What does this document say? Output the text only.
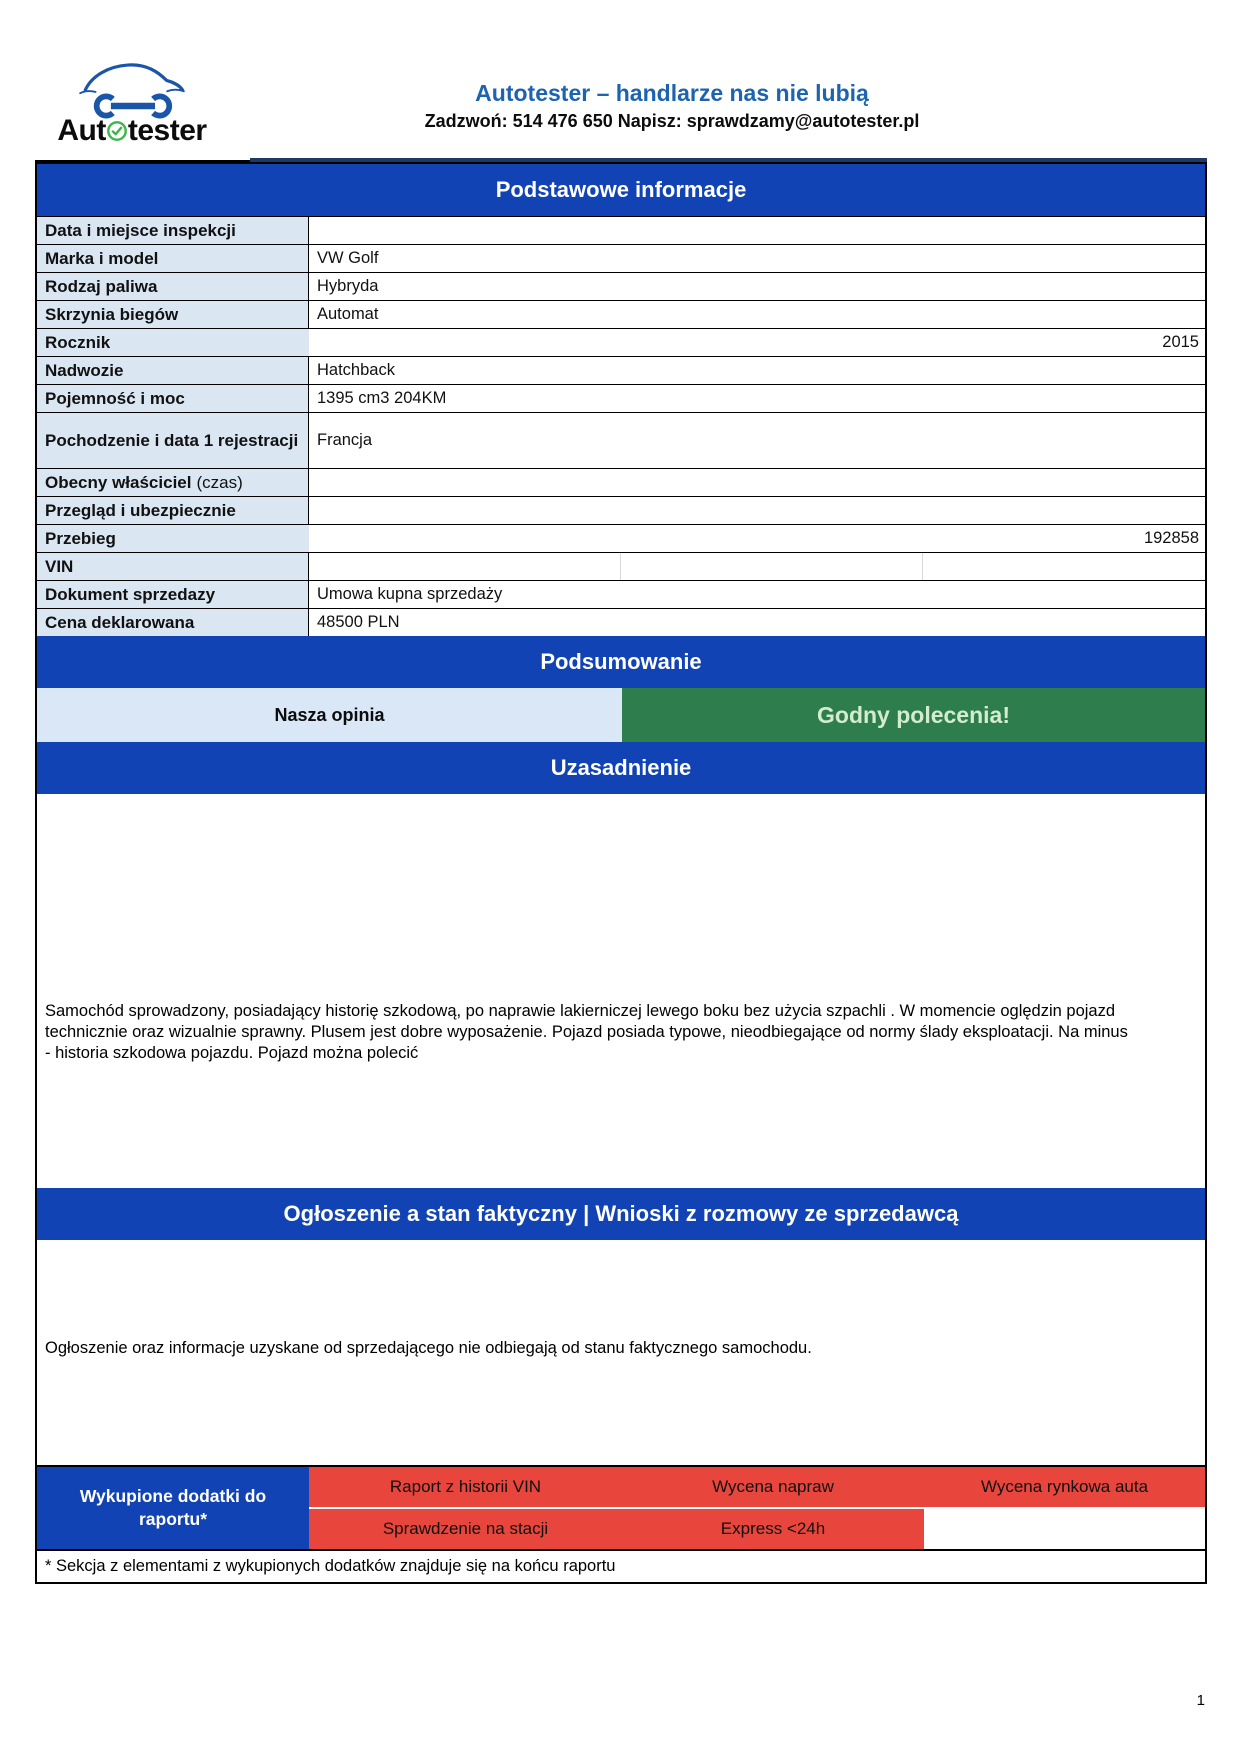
Aut tester
Autotester – handlarze nas nie lubią
Zadzwoń: 514 476 650 Napisz: sprawdzamy@autotester.pl
Podstawowe informacje
Data i miejsce inspekcji
Marka i model	VW Golf
Rodzaj paliwa	Hybryda
Skrzynia biegów	Automat
Rocznik	2015
Nadwozie	Hatchback
Pojemność i moc	1395 cm3 204KM
Pochodzenie i data 1 rejestracji	Francja
Obecny właściciel (czas)
Przegląd i ubezpiecznie
Przebieg	192858
VIN
Dokument sprzedazy	Umowa kupna sprzedaży
Cena deklarowana	48500 PLN
Podsumowanie
Nasza opinia	Godny polecenia!
Uzasadnienie
Samochód sprowadzony, posiadający historię szkodową, po naprawie lakierniczej lewego boku bez użycia szpachli . W momencie oględzin pojazd technicznie oraz wizualnie sprawny. Plusem jest dobre wyposażenie. Pojazd posiada typowe, nieodbiegające od normy ślady eksploatacji. Na minus - historia szkodowa pojazdu. Pojazd można polecić
Ogłoszenie a stan faktyczny | Wnioski z rozmowy ze sprzedawcą
Ogłoszenie oraz informacje uzyskane od sprzedającego nie odbiegają od stanu faktycznego samochodu.
Wykupione dodatki do raportu*
Raport z historii VIN	Wycena napraw	Wycena rynkowa auta
Sprawdzenie na stacji	Express <24h
* Sekcja z elementami z wykupionych dodatków znajduje się na końcu raportu
1
